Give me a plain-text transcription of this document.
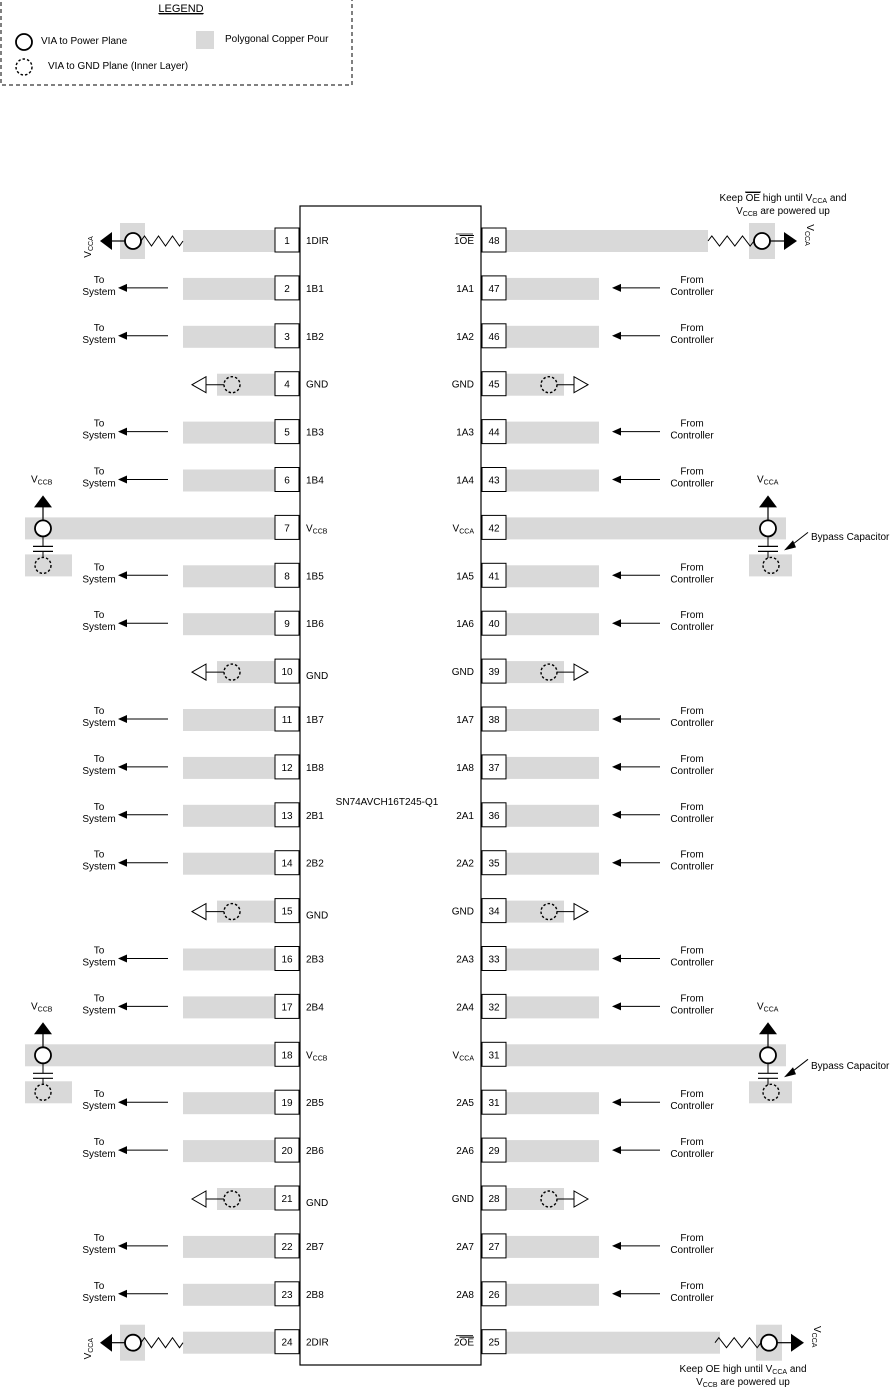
LEGEND
VIA to Power Plane
VIA to GND Plane (Inner Layer)
Polygonal Copper Pour
SN74AVCH16T245-Q1
Keep OE high until $V_{CCA}$ and
$V_{CCB}$ are powered up
Keep OE high until $V_{CCA}$ and
$V_{CCB}$ are powered up
Bypass Capacitor
Bypass Capacitor
$V_{CCA}$	1 1DIR
To
System	2 1B1
To
System	3 1B2
4 GND
To
System	5 1B3
To
System	6 1B4
$V_{CCB}$
7 $V_{CCB}$
To
System	8 1B5
To
System	9 1B6
10 GND
To
System	11 1B7
To
System	12 1B8
To
System	13 2B1
To
System	14 2B2
15 GND
To
System	16 2B3
To
System	17 2B4
$V_{CCB}$
18 $V_{CCB}$
To
System	19 2B5
To
System	20 2B6
21 GND
To
System	22 2B7
To
System	23 2B8
$V_{CCA}$	24 2DIR
$V_{CCA}$
48
1OE
From
Controller
47
1A1
From
Controller
46
1A2
45
GND
From
Controller
44
1A3
From
Controller
43
1A4	$V_{CCA}$
42
$V_{CCA}$
From
Controller
41
1A5
From
Controller
40
1A6
39
GND
From
Controller
38
1A7
From
Controller
37
1A8
From
Controller
36
2A1
From
Controller
35
2A2
34
GND
From
Controller
33
2A3
From
Controller
32
2A4	$V_{CCA}$
31
$V_{CCA}$
From
Controller
31
2A5
From
Controller
29
2A6
28
GND
From
Controller
27
2A7
From
Controller
26
2A8
$V_{CCA}$
25
2OE
